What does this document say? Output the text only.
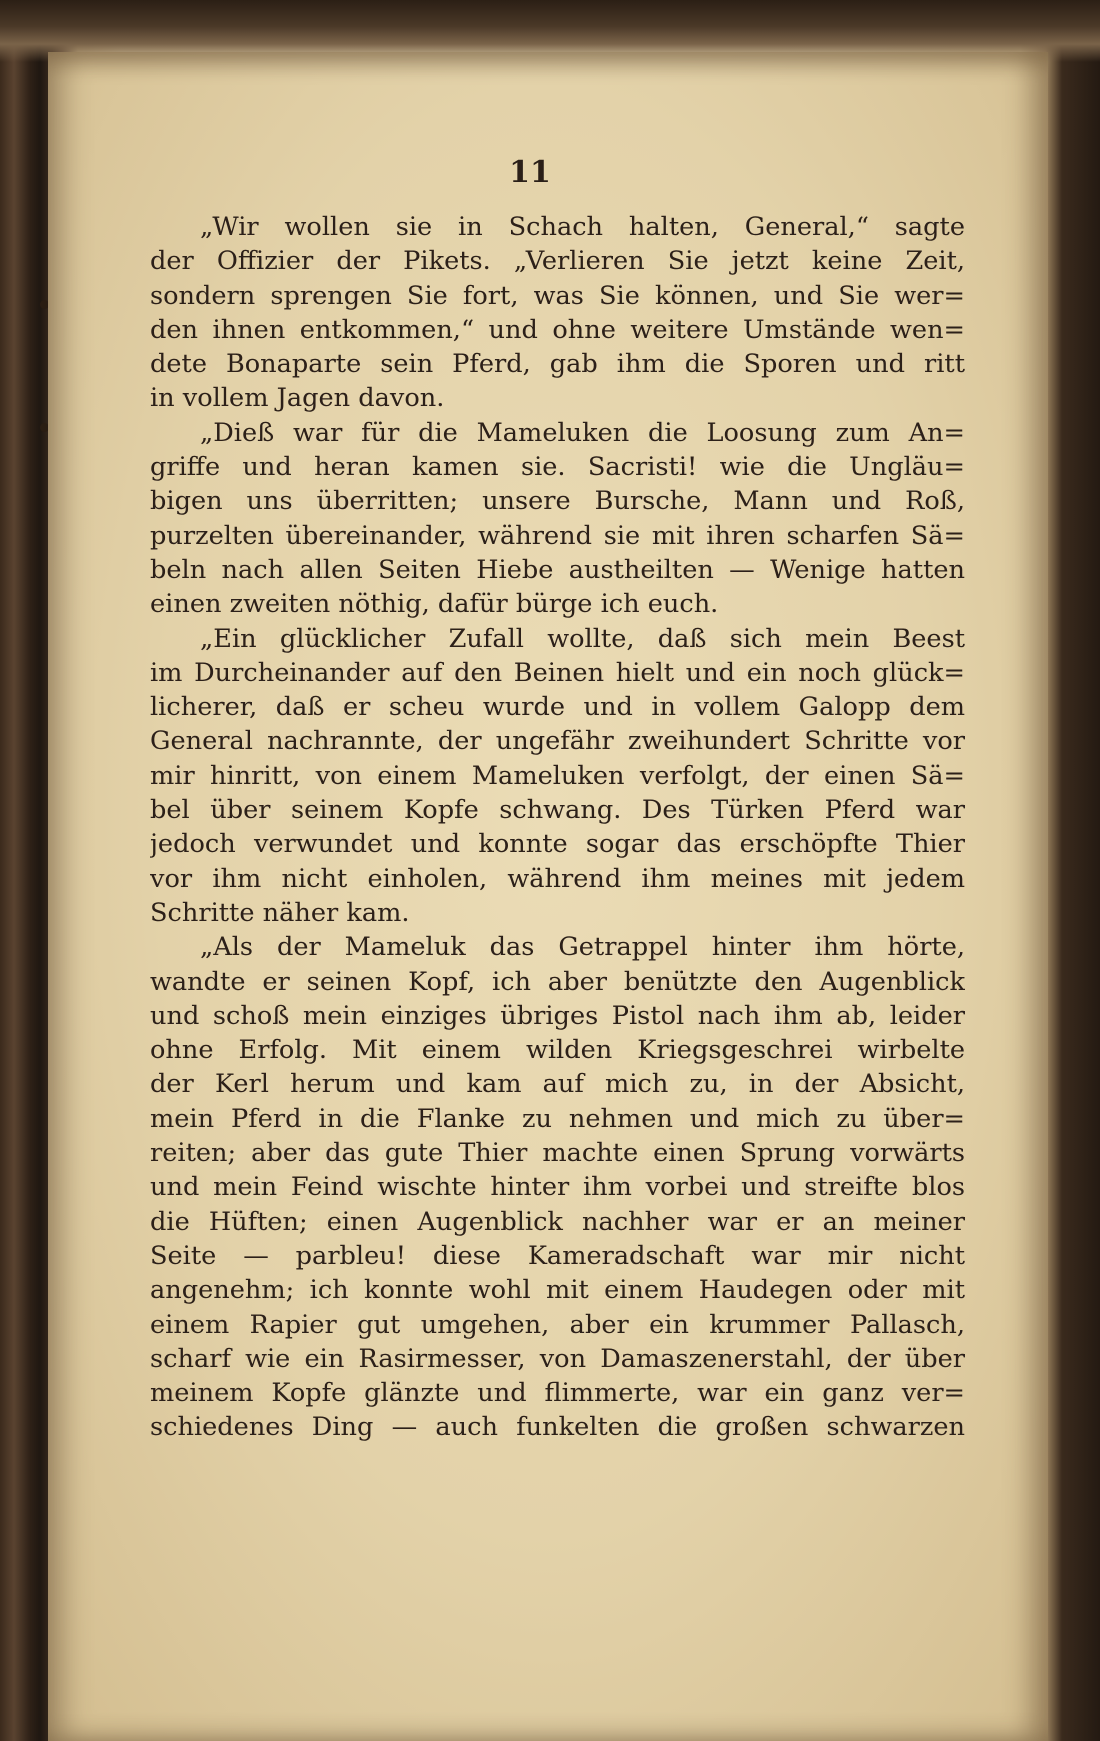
11
„Wir wollen sie in Schach halten, General,“ sagte
der Offizier der Pikets. „Verlieren Sie jetzt keine Zeit,
sondern sprengen Sie fort, was Sie können, und Sie wer=
den ihnen entkommen,“ und ohne weitere Umstände wen=
dete Bonaparte sein Pferd, gab ihm die Sporen und ritt
in vollem Jagen davon.
„Dieß war für die Mameluken die Loosung zum An=
griffe und heran kamen sie. Sacristi! wie die Ungläu=
bigen uns überritten; unsere Bursche, Mann und Roß,
purzelten übereinander, während sie mit ihren scharfen Sä=
beln nach allen Seiten Hiebe austheilten — Wenige hatten
einen zweiten nöthig, dafür bürge ich euch.
„Ein glücklicher Zufall wollte, daß sich mein Beest
im Durcheinander auf den Beinen hielt und ein noch glück=
licherer, daß er scheu wurde und in vollem Galopp dem
General nachrannte, der ungefähr zweihundert Schritte vor
mir hinritt, von einem Mameluken verfolgt, der einen Sä=
bel über seinem Kopfe schwang. Des Türken Pferd war
jedoch verwundet und konnte sogar das erschöpfte Thier
vor ihm nicht einholen, während ihm meines mit jedem
Schritte näher kam.
„Als der Mameluk das Getrappel hinter ihm hörte,
wandte er seinen Kopf, ich aber benützte den Augenblick
und schoß mein einziges übriges Pistol nach ihm ab, leider
ohne Erfolg. Mit einem wilden Kriegsgeschrei wirbelte
der Kerl herum und kam auf mich zu, in der Absicht,
mein Pferd in die Flanke zu nehmen und mich zu über=
reiten; aber das gute Thier machte einen Sprung vorwärts
und mein Feind wischte hinter ihm vorbei und streifte blos
die Hüften; einen Augenblick nachher war er an meiner
Seite — parbleu! diese Kameradschaft war mir nicht
angenehm; ich konnte wohl mit einem Haudegen oder mit
einem Rapier gut umgehen, aber ein krummer Pallasch,
scharf wie ein Rasirmesser, von Damaszenerstahl, der über
meinem Kopfe glänzte und flimmerte, war ein ganz ver=
schiedenes Ding — auch funkelten die großen schwarzen
